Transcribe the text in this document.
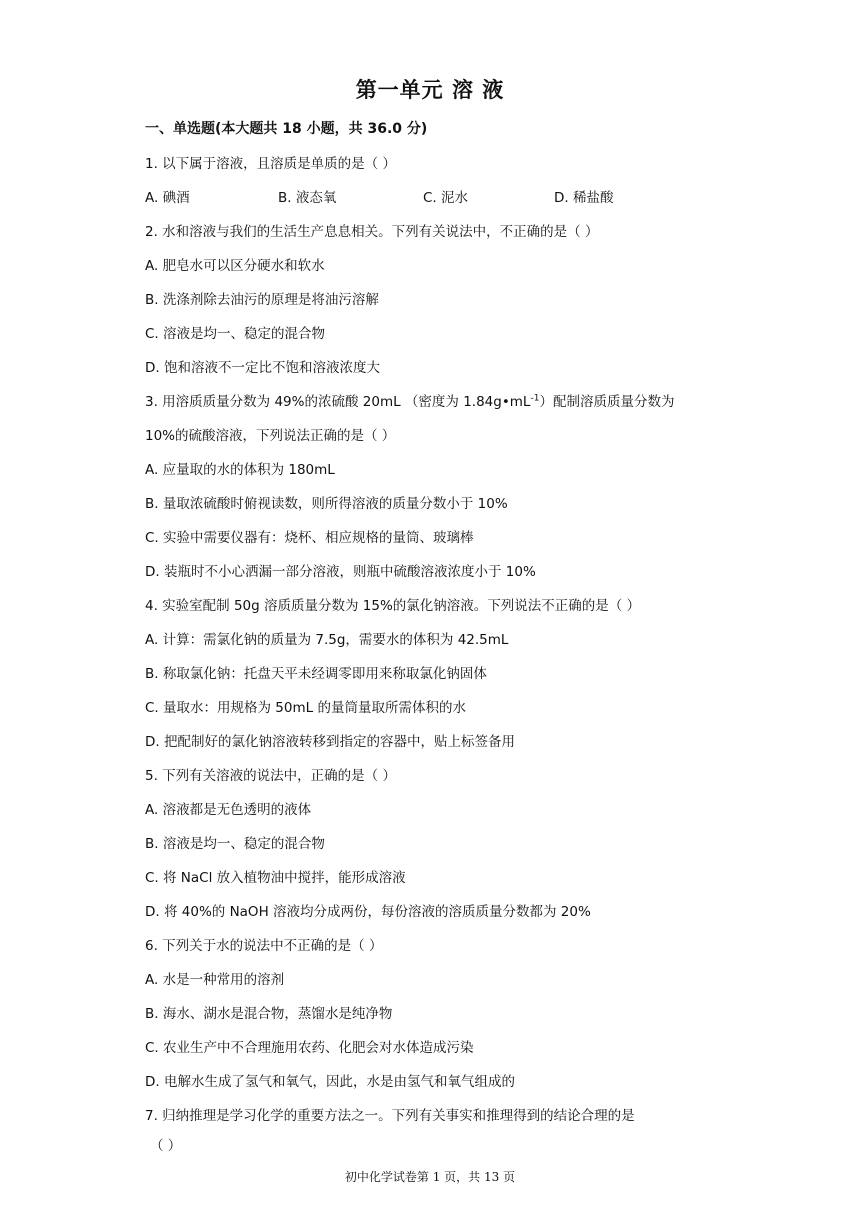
第一单元 溶 液
一、单选题(本大题共 18 小题，共 36.0 分)
1. 以下属于溶液，且溶质是单质的是（ ）
A. 碘酒	B. 液态氧	C. 泥水	D. 稀盐酸
2. 水和溶液与我们的生活生产息息相关。下列有关说法中，不正确的是（ ）
A. 肥皂水可以区分硬水和软水
B. 洗涤剂除去油污的原理是将油污溶解
C. 溶液是均一、稳定的混合物
D. 饱和溶液不一定比不饱和溶液浓度大
3. 用溶质质量分数为 49%的浓硫酸 20mL （密度为 $1.84g•mL^{-1}$）配制溶质质量分数为
10%的硫酸溶液，下列说法正确的是（ ）
A. 应量取的水的体积为 180mL
B. 量取浓硫酸时俯视读数，则所得溶液的质量分数小于 10%
C. 实验中需要仪器有：烧杯、相应规格的量筒、玻璃棒
D. 装瓶时不小心洒漏一部分溶液，则瓶中硫酸溶液浓度小于 10%
4. 实验室配制 50g 溶质质量分数为 15%的氯化钠溶液。下列说法不正确的是（ ）
A. 计算：需氯化钠的质量为 7.5g，需要水的体积为 42.5mL
B. 称取氯化钠：托盘天平未经调零即用来称取氯化钠固体
C. 量取水：用规格为 50mL 的量筒量取所需体积的水
D. 把配制好的氯化钠溶液转移到指定的容器中，贴上标签备用
5. 下列有关溶液的说法中，正确的是（ ）
A. 溶液都是无色透明的液体
B. 溶液是均一、稳定的混合物
C. 将 NaCl 放入植物油中搅拌，能形成溶液
D. 将 40%的 NaOH 溶液均分成两份，每份溶液的溶质质量分数都为 20%
6. 下列关于水的说法中不正确的是（ ）
A. 水是一种常用的溶剂
B. 海水、湖水是混合物，蒸馏水是纯净物
C. 农业生产中不合理施用农药、化肥会对水体造成污染
D. 电解水生成了氢气和氧气，因此，水是由氢气和氧气组成的
7. 归纳推理是学习化学的重要方法之一。下列有关事实和推理得到的结论合理的是
（ ）
初中化学试卷第 1 页，共 13 页
